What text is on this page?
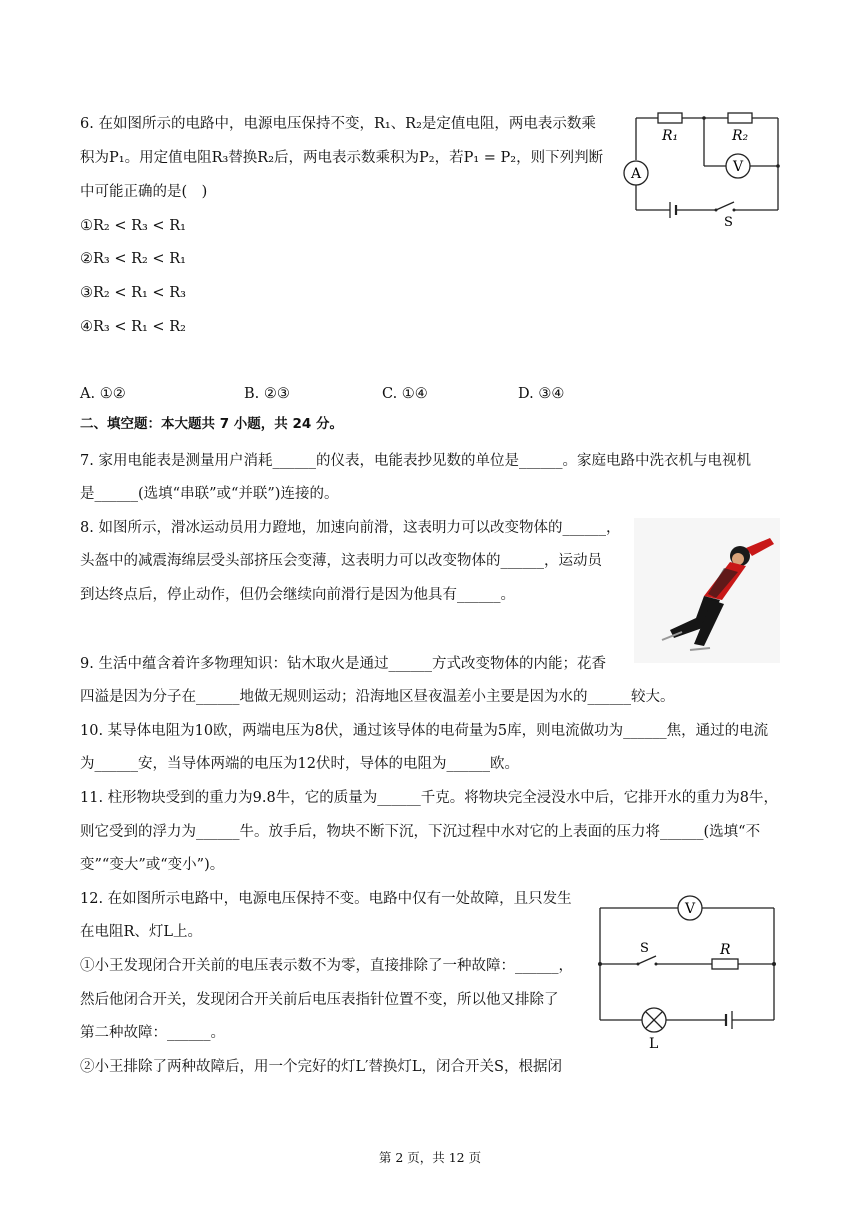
6. 在如图所示的电路中，电源电压保持不变，R₁、R₂是定值电阻，两电表示数乘
积为P₁。用定值电阻R₃替换R₂后，两电表示数乘积为P₂，若P₁ = P₂，则下列判断
中可能正确的是(　)
①R₂ < R₃ < R₁
②R₃ < R₂ < R₁
③R₂ < R₁ < R₃
④R₃ < R₁ < R₂
A. ①②	B. ②③	C. ①④	D. ③④
R₁	R₂
A	V
S
二、填空题：本大题共 7 小题，共 24 分。
7. 家用电能表是测量用户消耗______的仪表，电能表抄见数的单位是______。家庭电路中洗衣机与电视机
是______(选填“串联”或“并联”)连接的。
8. 如图所示，滑冰运动员用力蹬地，加速向前滑，这表明力可以改变物体的______，
头盔中的减震海绵层受头部挤压会变薄，这表明力可以改变物体的______，运动员
到达终点后，停止动作，但仍会继续向前滑行是因为他具有______。
9. 生活中蕴含着许多物理知识：钻木取火是通过______方式改变物体的内能；花香
四溢是因为分子在______地做无规则运动；沿海地区昼夜温差小主要是因为水的______较大。
10. 某导体电阻为10欧，两端电压为8伏，通过该导体的电荷量为5库，则电流做功为______焦，通过的电流
为______安，当导体两端的电压为12伏时，导体的电阻为______欧。
11. 柱形物块受到的重力为9.8牛，它的质量为______千克。将物块完全浸没水中后，它排开水的重力为8牛，
则它受到的浮力为______牛。放手后，物块不断下沉，下沉过程中水对它的上表面的压力将______(选填“不
变”“变大”或“变小”)。
12. 在如图所示电路中，电源电压保持不变。电路中仅有一处故障，且只发生
在电阻R、灯L上。
①小王发现闭合开关前的电压表示数不为零，直接排除了一种故障：______，
然后他闭合开关，发现闭合开关前后电压表指针位置不变，所以他又排除了
第二种故障：______。
②小王排除了两种故障后，用一个完好的灯L′替换灯L，闭合开关S，根据闭
V
S	R
L
第 2 页，共 12 页
